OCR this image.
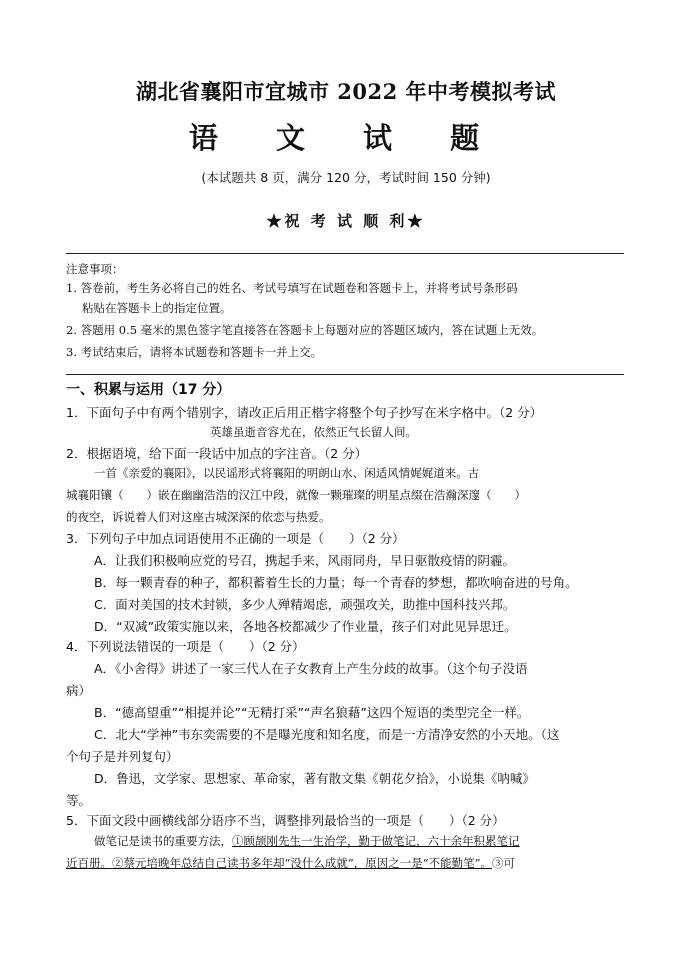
湖北省襄阳市宜城市 2022 年中考模拟考试
语 文 试 题
(本试题共 8 页，满分 120 分，考试时间 150 分钟)
★祝 考 试 顺 利★
注意事项：
1. 答卷前，考生务必将自己的姓名、考试号填写在试题卷和答题卡上，并将考试号条形码
粘贴在答题卡上的指定位置。
2. 答题用 0.5 毫米的黑色签字笔直接答在答题卡上每题对应的答题区域内，答在试题上无效。
3. 考试结束后，请将本试题卷和答题卡一并上交。
一、积累与运用（17 分）
1．下面句子中有两个错别字，请改正后用正楷字将整个句子抄写在米字格中。（2 分）
英雄虽逝音容尤在，依然正气长留人间。
2．根据语境，给下面一段话中加点的字注音。（2 分）
一首《亲爱的襄阳》，以民谣形式将襄阳的明朗山水、闲适风情娓娓道来。古
城襄阳镶（　　）嵌在幽幽浩浩的汉江中段，就像一颗璀璨的明星点缀在浩瀚深邃（　　）
的夜空，诉说着人们对这座古城深深的依恋与热爱。
3．下列句子中加点词语使用不正确的一项是（　　）（2 分）
A．让我们积极响应党的号召，携起手来，风雨同舟，早日驱散疫情的阴霾。
B．每一颗青春的种子，都积蓄着生长的力量；每一个青春的梦想，都吹响奋进的号角。
C．面对美国的技术封锁，多少人殚精竭虑，顽强攻关，助推中国科技兴邦。
D．“双减”政策实施以来，各地各校都减少了作业量，孩子们对此见异思迁。
4．下列说法错误的一项是（　　）（2 分）
A．《小舍得》讲述了一家三代人在子女教育上产生分歧的故事。（这个句子没语
病）
B．“德高望重”“相提并论”“无精打采”“声名狼藉”这四个短语的类型完全一样。
C．北大“学神”韦东奕需要的不是曝光度和知名度，而是一方清净安然的小天地。（这
个句子是并列复句）
D．鲁迅，文学家、思想家、革命家，著有散文集《朝花夕拾》，小说集《呐喊》
等。
5．下面文段中画横线部分语序不当，调整排列最恰当的一项是（　　）（2 分）
做笔记是读书的重要方法，①顾颉刚先生一生治学，勤于做笔记，六十余年积累笔记
近百册。②蔡元培晚年总结自己读书多年却“没什么成就”，原因之一是“不能勤笔”。③可
